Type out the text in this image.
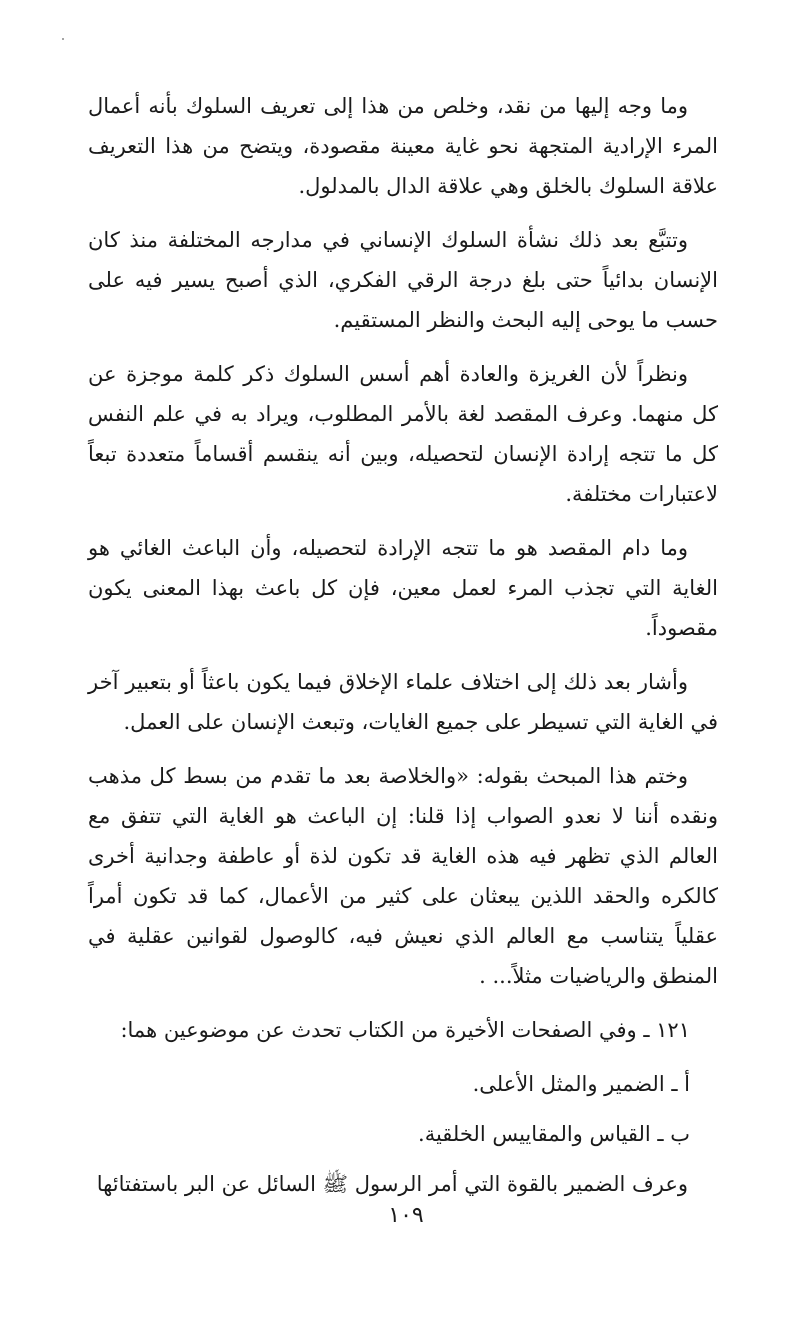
وما وجه إليها من نقد، وخلص من هذا إلى تعريف السلوك بأنه أعمال المرء الإرادية المتجهة نحو غاية معينة مقصودة، ويتضح من هذا التعريف علاقة السلوك بالخلق وهي علاقة الدال بالمدلول.

وتتبَّع بعد ذلك نشأة السلوك الإنساني في مدارجه المختلفة منذ كان الإنسان بدائياً حتى بلغ درجة الرقي الفكري، الذي أصبح يسير فيه على حسب ما يوحى إليه البحث والنظر المستقيم.

ونظراً لأن الغريزة والعادة أهم أسس السلوك ذكر كلمة موجزة عن كل منهما. وعرف المقصد لغة بالأمر المطلوب، ويراد به في علم النفس كل ما تتجه إرادة الإنسان لتحصيله، وبين أنه ينقسم أقساماً متعددة تبعاً لاعتبارات مختلفة.

وما دام المقصد هو ما تتجه الإرادة لتحصيله، وأن الباعث الغائي هو الغاية التي تجذب المرء لعمل معين، فإن كل باعث بهذا المعنى يكون مقصوداً.

وأشار بعد ذلك إلى اختلاف علماء الإخلاق فيما يكون باعثاً أو بتعبير آخر في الغاية التي تسيطر على جميع الغايات، وتبعث الإنسان على العمل.

وختم هذا المبحث بقوله: «والخلاصة بعد ما تقدم من بسط كل مذهب ونقده أننا لا نعدو الصواب إذا قلنا: إن الباعث هو الغاية التي تتفق مع العالم الذي تظهر فيه هذه الغاية قد تكون لذة أو عاطفة وجدانية أخرى كالكره والحقد اللذين يبعثان على كثير من الأعمال، كما قد تكون أمراً عقلياً يتناسب مع العالم الذي نعيش فيه، كالوصول لقوانين عقلية في المنطق والرياضيات مثلاً... .

١٢١ ـ وفي الصفحات الأخيرة من الكتاب تحدث عن موضوعين هما:

أ ـ الضمير والمثل الأعلى.

ب ـ القياس والمقاييس الخلقية.

وعرف الضمير بالقوة التي أمر الرسول ﷺ السائل عن البر باستفتائها

١٠٩
